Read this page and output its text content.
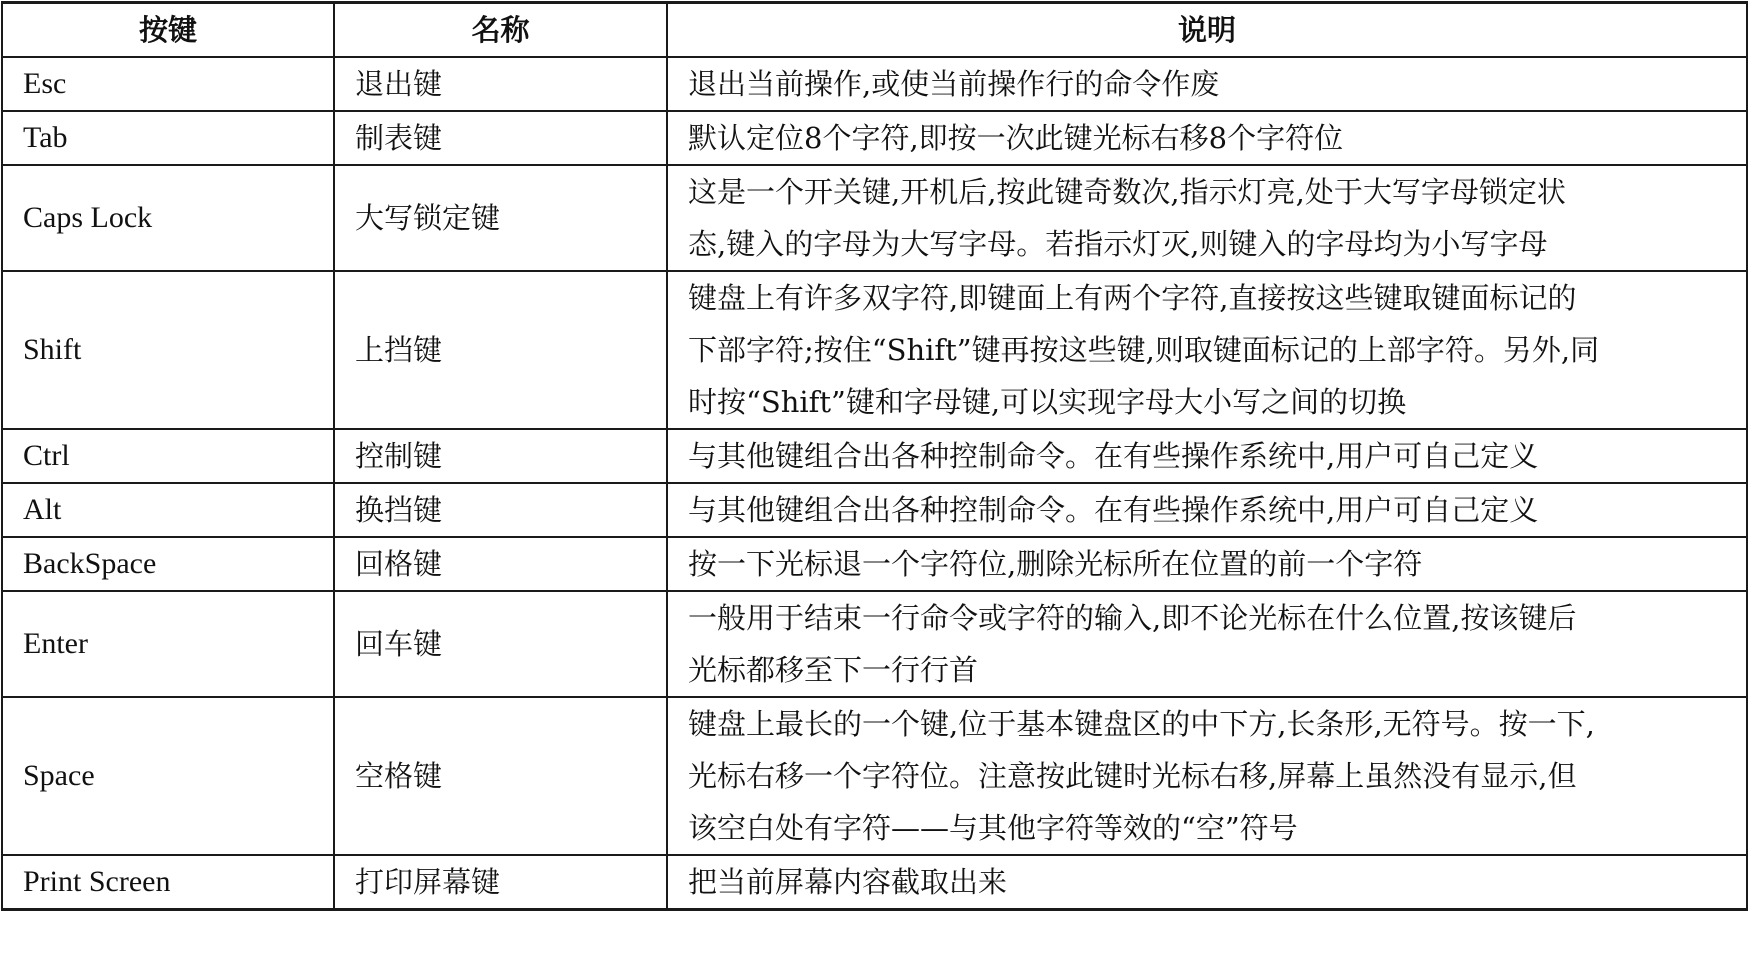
按键	名称	说明
Esc	退出键	退出当前操作,或使当前操作行的命令作废

Tab	制表键	默认定位8个字符,即按一次此键光标右移8个字符位

Caps Lock	大写锁定键	这是一个开关键,开机后,按此键奇数次,指示灯亮,处于大写字母锁定状
态,键入的字母为大写字母。若指示灯灭,则键入的字母均为小写字母

Shift	上挡键	键盘上有许多双字符,即键面上有两个字符,直接按这些键取键面标记的
下部字符;按住“Shift”键再按这些键,则取键面标记的上部字符。另外,同
时按“Shift”键和字母键,可以实现字母大小写之间的切换

Ctrl	控制键	与其他键组合出各种控制命令。在有些操作系统中,用户可自己定义

Alt	换挡键	与其他键组合出各种控制命令。在有些操作系统中,用户可自己定义

BackSpace	回格键	按一下光标退一个字符位,删除光标所在位置的前一个字符

Enter	回车键	一般用于结束一行命令或字符的输入,即不论光标在什么位置,按该键后
光标都移至下一行行首

Space	空格键	键盘上最长的一个键,位于基本键盘区的中下方,长条形,无符号。按一下,
光标右移一个字符位。注意按此键时光标右移,屏幕上虽然没有显示,但
该空白处有字符——与其他字符等效的“空”符号

Print Screen	打印屏幕键	把当前屏幕内容截取出来
